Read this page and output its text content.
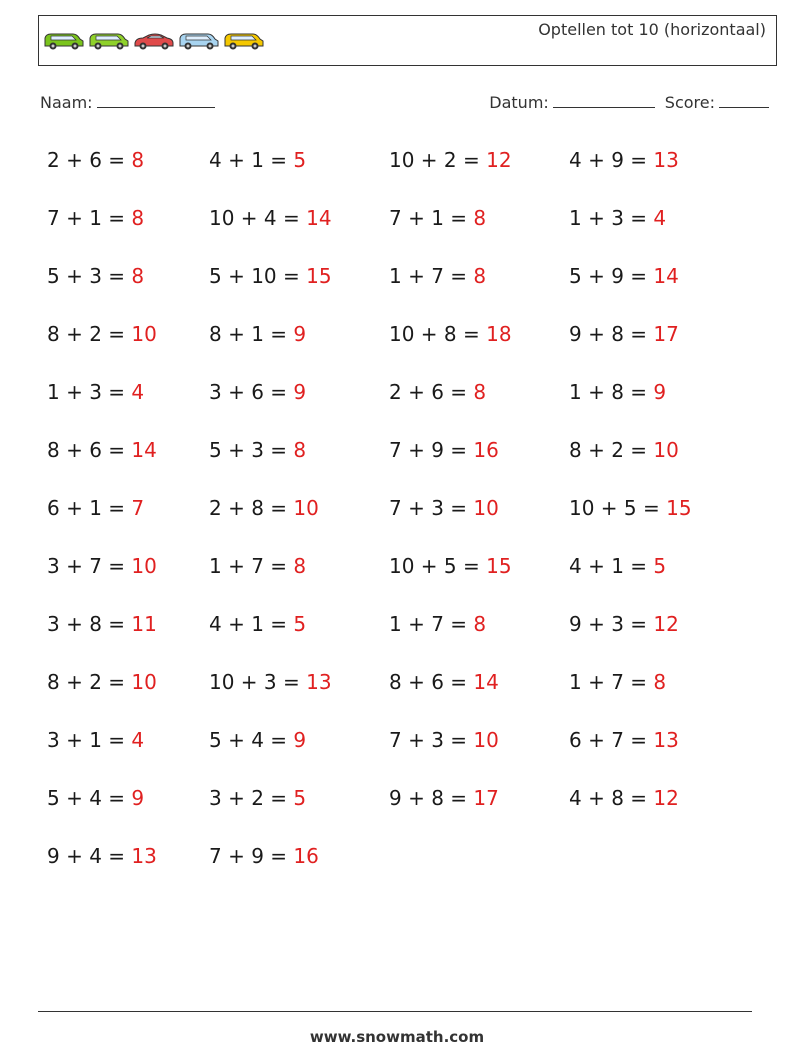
Optellen tot 10 (horizontaal)
Naam:	Datum:	Score:
2 + 6 = 8
7 + 1 = 8
5 + 3 = 8
8 + 2 = 10
1 + 3 = 4
8 + 6 = 14
6 + 1 = 7
3 + 7 = 10
3 + 8 = 11
8 + 2 = 10
3 + 1 = 4
5 + 4 = 9
9 + 4 = 13
4 + 1 = 5
10 + 4 = 14
5 + 10 = 15
8 + 1 = 9
3 + 6 = 9
5 + 3 = 8
2 + 8 = 10
1 + 7 = 8
4 + 1 = 5
10 + 3 = 13
5 + 4 = 9
3 + 2 = 5
7 + 9 = 16
10 + 2 = 12
7 + 1 = 8
1 + 7 = 8
10 + 8 = 18
2 + 6 = 8
7 + 9 = 16
7 + 3 = 10
10 + 5 = 15
1 + 7 = 8
8 + 6 = 14
7 + 3 = 10
9 + 8 = 17
4 + 9 = 13
1 + 3 = 4
5 + 9 = 14
9 + 8 = 17
1 + 8 = 9
8 + 2 = 10
10 + 5 = 15
4 + 1 = 5
9 + 3 = 12
1 + 7 = 8
6 + 7 = 13
4 + 8 = 12
www.snowmath.com
